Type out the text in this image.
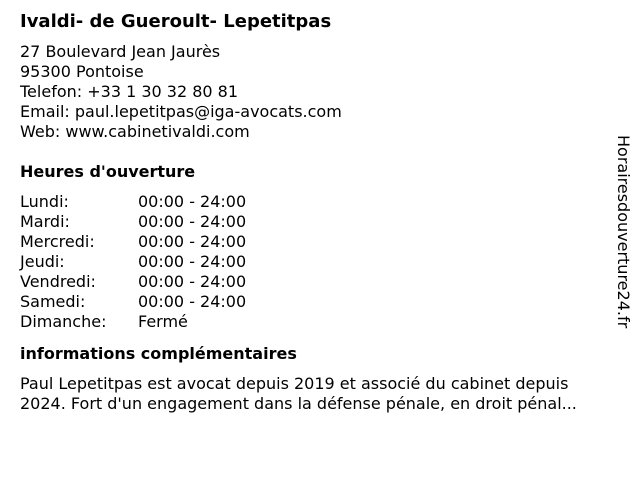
Ivaldi- de Gueroult- Lepetitpas
27 Boulevard Jean Jaurès
95300 Pontoise
Telefon: +33 1 30 32 80 81
Email: paul.lepetitpas@iga-avocats.com
Web: www.cabinetivaldi.com
Heures d'ouverture
Lundi:	00:00 - 24:00
Mardi:	00:00 - 24:00
Mercredi:	00:00 - 24:00
Jeudi:	00:00 - 24:00
Vendredi:	00:00 - 24:00
Samedi:	00:00 - 24:00
Dimanche:	Fermé
informations complémentaires
Paul Lepetitpas est avocat depuis 2019 et associé du cabinet depuis
2024. Fort d'un engagement dans la défense pénale, en droit pénal...
Horairesdouverture24.fr
